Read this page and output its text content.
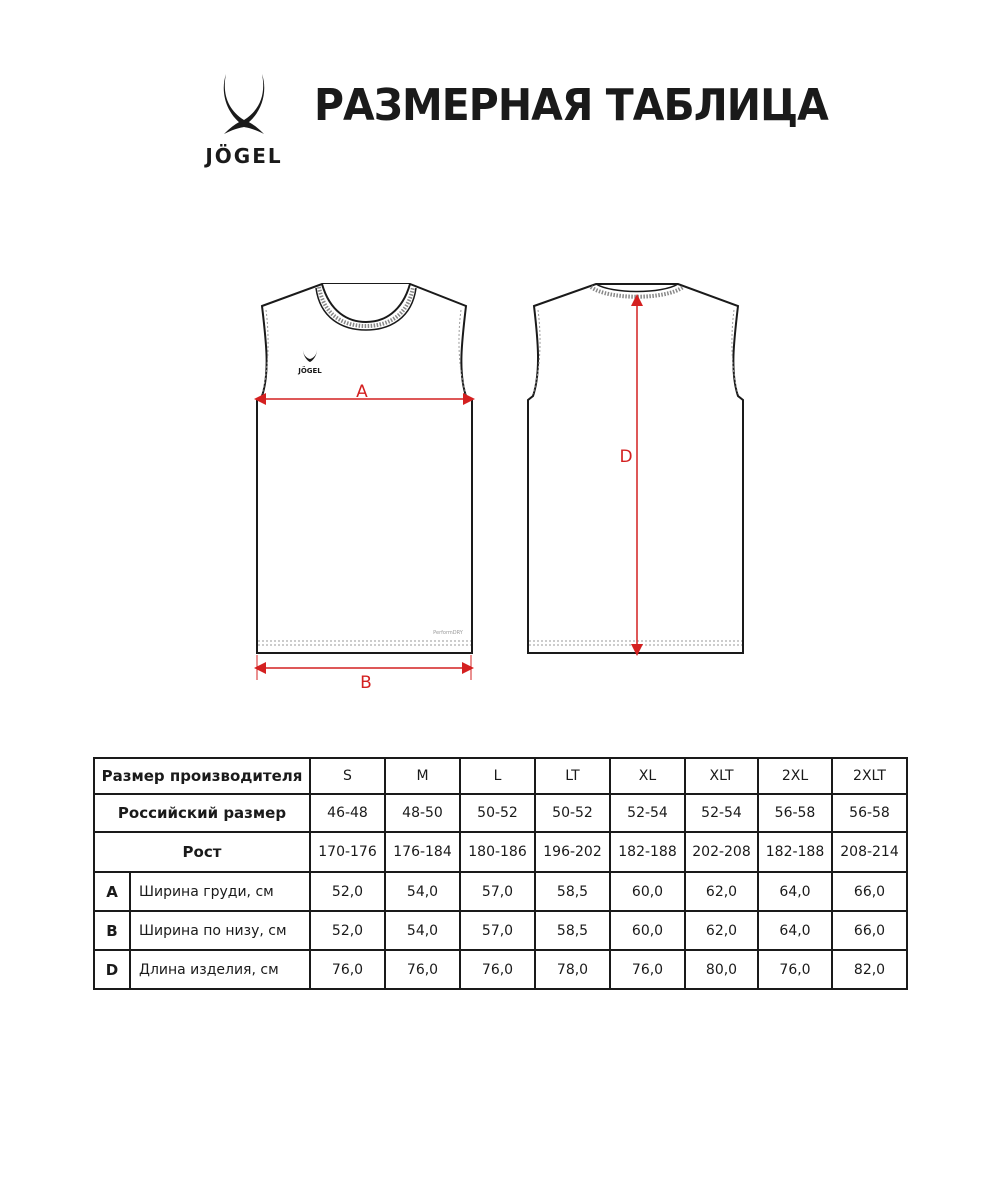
JÖGEL
РАЗМЕРНАЯ ТАБЛИЦА
JÖGEL
PerformDRY
A
B
D
Размер производителя		S	M	L	LT	XL	XLT	2XL	2XLT
Российский размер		46-48	48-50	50-52	50-52	52-54	52-54	56-58	56-58
Рост		170-176	176-184	180-186	196-202	182-188	202-208	182-188	208-214
A	Ширина груди, см	52,0	54,0	57,0	58,5	60,0	62,0	64,0	66,0
B	Ширина по низу, см	52,0	54,0	57,0	58,5	60,0	62,0	64,0	66,0
D	Длина изделия, см	76,0	76,0	76,0	78,0	76,0	80,0	76,0	82,0
